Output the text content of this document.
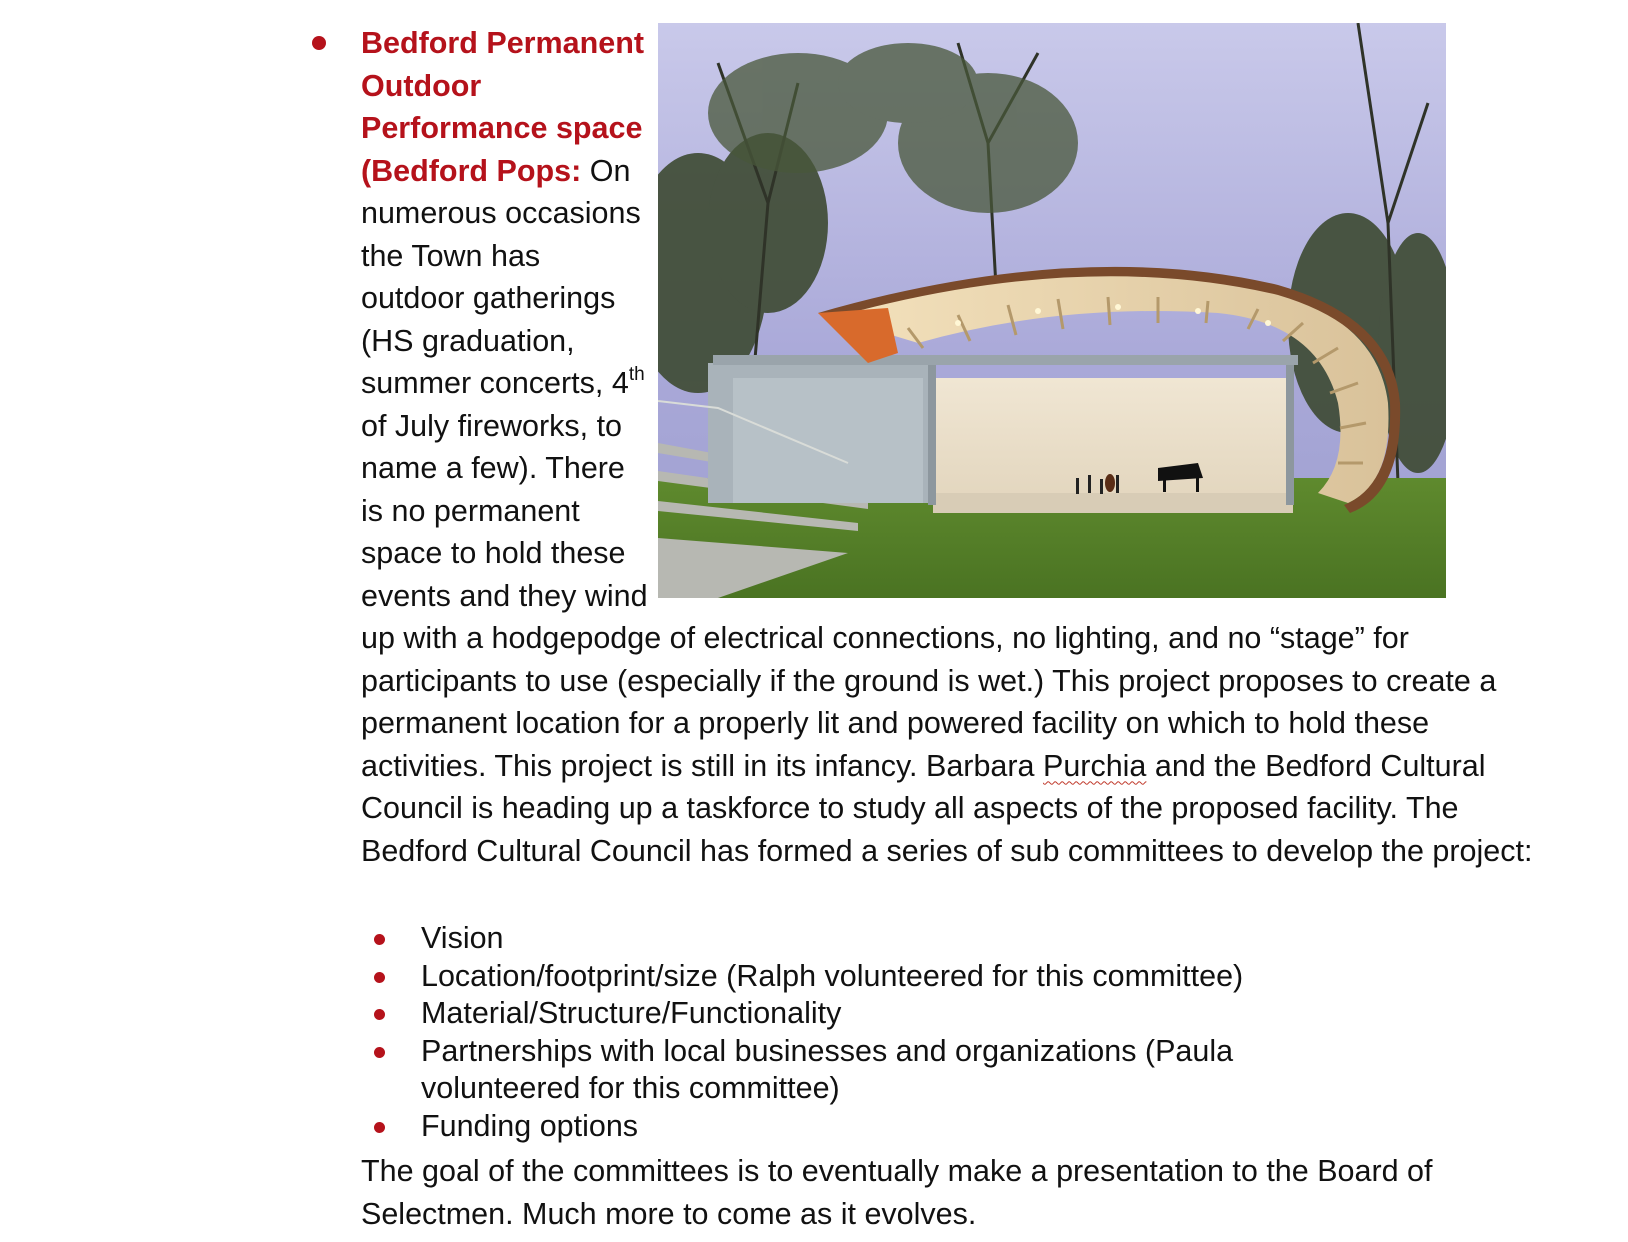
Bedford Permanent Outdoor Performance space (Bedford Pops: On numerous occasions the Town has outdoor gatherings (HS graduation, summer concerts, 4th of July fireworks, to name a few). There is no permanent space to hold these events and they wind up with a hodgepodge of electrical connections, no lighting, and no “stage” for participants to use (especially if the ground is wet.) This project proposes to create a permanent location for a properly lit and powered facility on which to hold these activities. This project is still in its infancy. Barbara Purchia and the Bedford Cultural Council is heading up a taskforce to study all aspects of the proposed facility. The Bedford Cultural Council has formed a series of sub committees to develop the project:

Vision
Location/footprint/size (Ralph volunteered for this committee)
Material/Structure/Functionality
Partnerships with local businesses and organizations (Paula volunteered for this committee)
Funding options

The goal of the committees is to eventually make a presentation to the Board of Selectmen. Much more to come as it evolves.
